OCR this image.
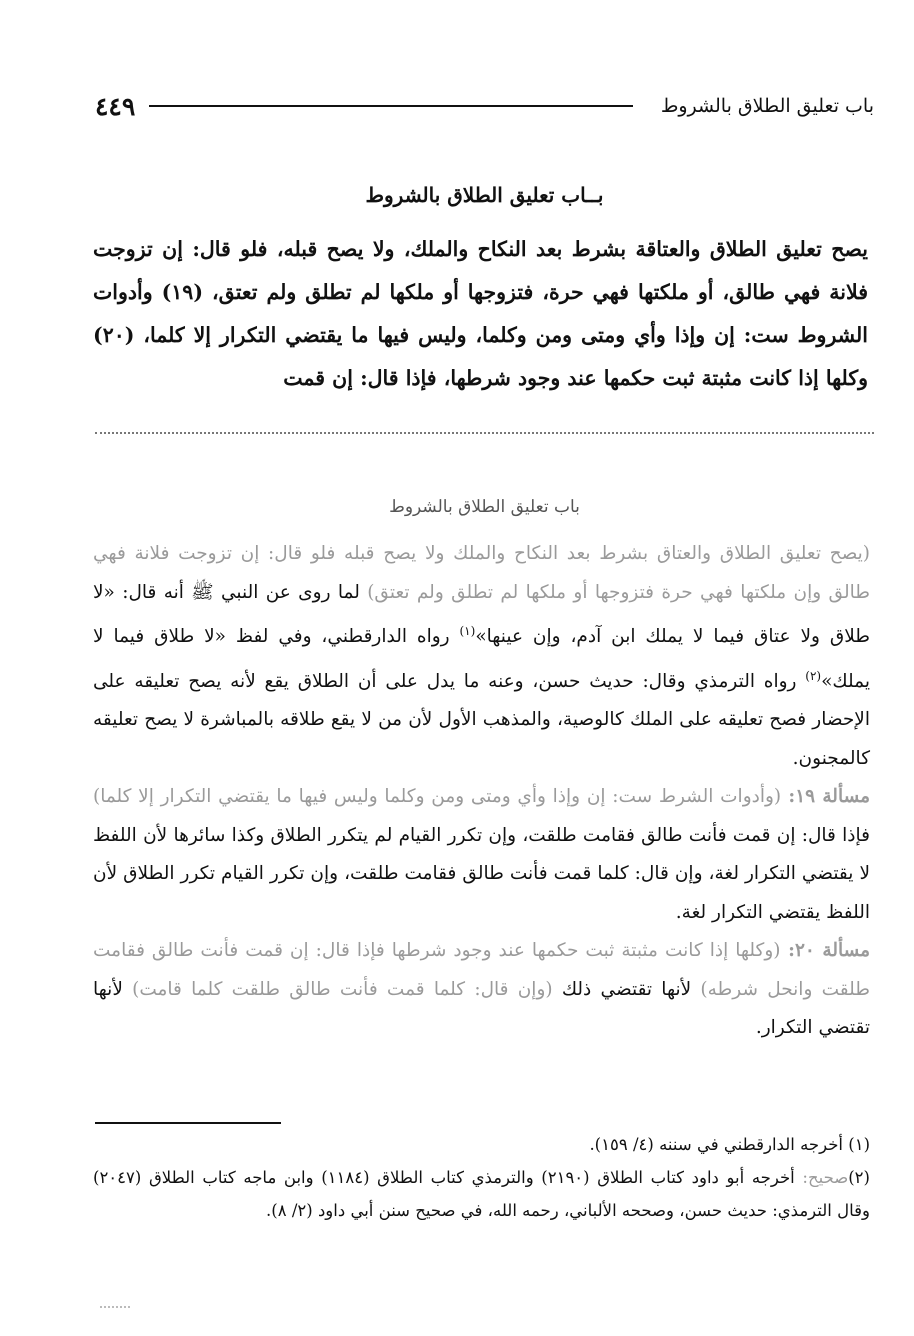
باب تعليق الطلاق بالشروط
٤٤٩
بــاب تعليق الطلاق بالشروط

يصح تعليق الطلاق والعتاقة بشرط بعد النكاح والملك، ولا يصح قبله، فلو قال: إن تزوجت فلانة فهي طالق، أو ملكتها فهي حرة، فتزوجها أو ملكها لم تطلق ولم تعتق، (١٩) وأدوات الشروط ست: إن وإذا وأي ومتى ومن وكلما، وليس فيها ما يقتضي التكرار إلا كلما، (٢٠) وكلها إذا كانت مثبتة ثبت حكمها عند وجود شرطها، فإذا قال: إن قمت

باب تعليق الطلاق بالشروط

(يصح تعليق الطلاق والعتاق بشرط بعد النكاح والملك ولا يصح قبله فلو قال: إن تزوجت فلانة فهي طالق وإن ملكتها فهي حرة فتزوجها أو ملكها لم تطلق ولم تعتق) لما روى عن النبي ﷺ أنه قال: «لا طلاق ولا عتاق فيما لا يملك ابن آدم، وإن عينها»$^{(١)}$ رواه الدارقطني، وفي لفظ «لا طلاق فيما لا يملك»$^{(٢)}$ رواه الترمذي وقال: حديث حسن، وعنه ما يدل على أن الطلاق يقع لأنه يصح تعليقه على الإحضار فصح تعليقه على الملك كالوصية، والمذهب الأول لأن من لا يقع طلاقه بالمباشرة لا يصح تعليقه كالمجنون.

مسألة ١٩: (وأدوات الشرط ست: إن وإذا وأي ومتى ومن وكلما وليس فيها ما يقتضي التكرار إلا كلما) فإذا قال: إن قمت فأنت طالق فقامت طلقت، وإن تكرر القيام لم يتكرر الطلاق وكذا سائرها لأن اللفظ لا يقتضي التكرار لغة، وإن قال: كلما قمت فأنت طالق فقامت طلقت، وإن تكرر القيام تكرر الطلاق لأن اللفظ يقتضي التكرار لغة.

مسألة ٢٠: (وكلها إذا كانت مثبتة ثبت حكمها عند وجود شرطها فإذا قال: إن قمت فأنت طالق فقامت طلقت وانحل شرطه) لأنها تقتضي ذلك (وإن قال: كلما قمت فأنت طالق طلقت كلما قامت) لأنها تقتضي التكرار.

(١) أخرجه الدارقطني في سننه (٤/ ١٥٩).

(٢)صحيح: أخرجه أبو داود كتاب الطلاق (٢١٩٠) والترمذي كتاب الطلاق (١١٨٤) وابن ماجه كتاب الطلاق (٢٠٤٧) وقال الترمذي: حديث حسن، وصححه الألباني، رحمه الله، في صحيح سنن أبي داود (٢/ ٨).
